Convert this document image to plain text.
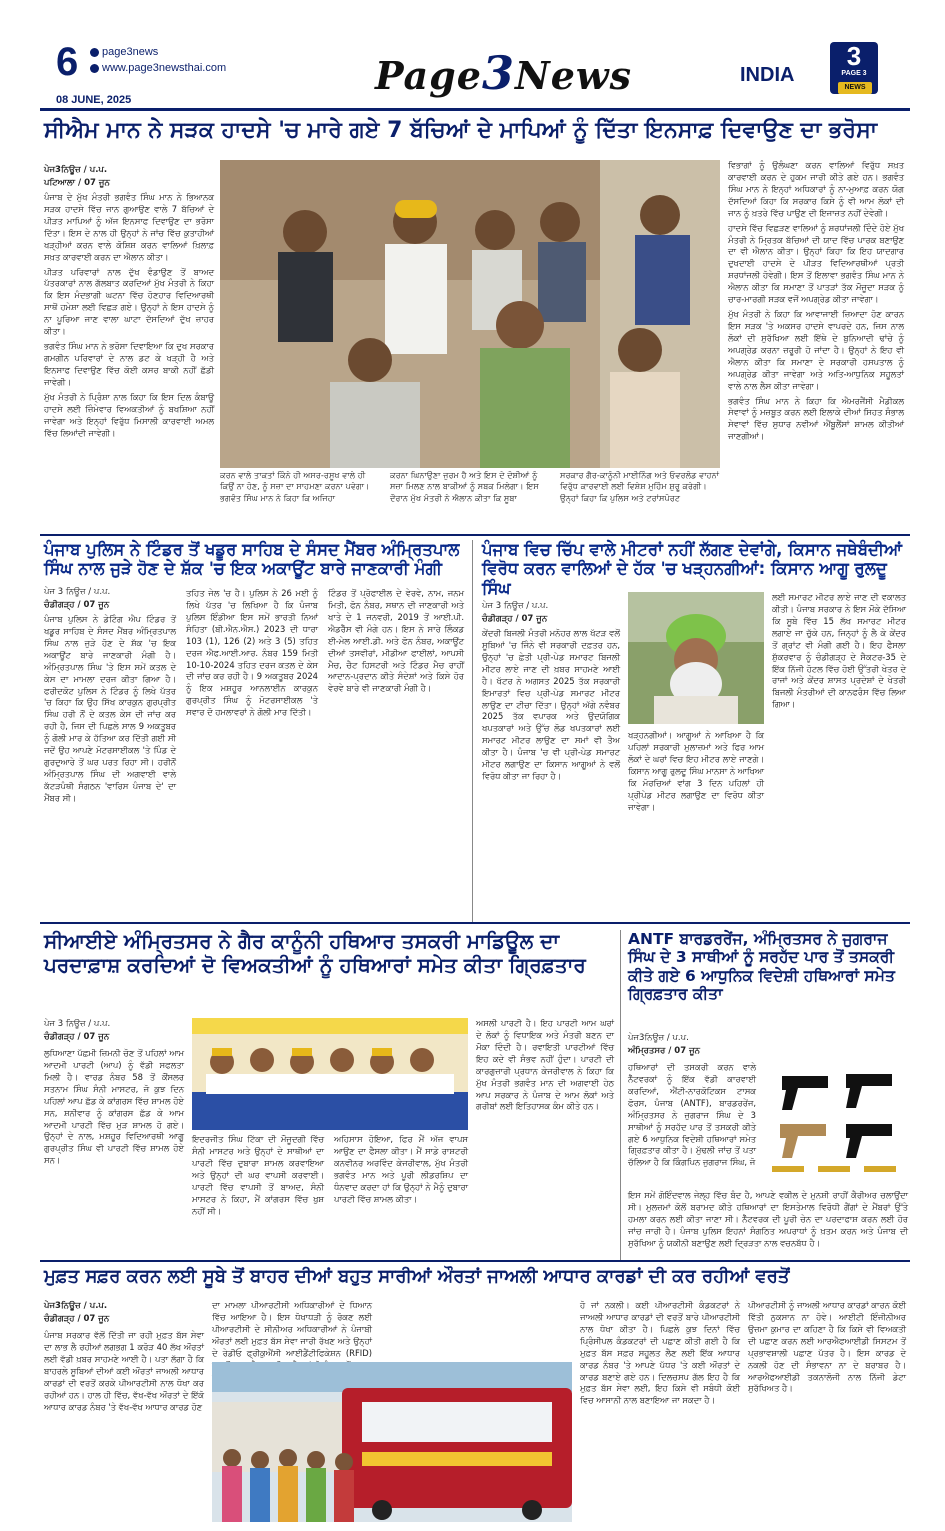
6	page3news
www.page3newsthai.com
08 JUNE, 2025
Page3News	INDIA
3
PAGE 3
NEWS
ਸੀਐਮ ਮਾਨ ਨੇ ਸੜਕ ਹਾਦਸੇ 'ਚ ਮਾਰੇ ਗਏ 7 ਬੱਚਿਆਂ ਦੇ ਮਾਪਿਆਂ ਨੂੰ ਦਿੱਤਾ ਇਨਸਾਫ਼ ਦਿਵਾਉਣ ਦਾ ਭਰੋਸਾ
ਪੇਜ3ਨਿਊਜ਼ / ਪ.ਪ.
ਪਟਿਆਲਾ / 07 ਜੂਨ

ਪੰਜਾਬ ਦੇ ਮੁੱਖ ਮੰਤਰੀ ਭਗਵੰਤ ਸਿੰਘ ਮਾਨ ਨੇ ਭਿਆਨਕ ਸੜਕ ਹਾਦਸੇ ਵਿੱਚ ਜਾਨ ਗੁਆਉਣ ਵਾਲੇ 7 ਬੱਚਿਆਂ ਦੇ ਪੀੜਤ ਮਾਪਿਆਂ ਨੂੰ ਅੱਜ ਇਨਸਾਫ ਦਿਵਾਉਣ ਦਾ ਭਰੋਸਾ ਦਿੱਤਾ। ਇਸ ਦੇ ਨਾਲ ਹੀ ਉਨ੍ਹਾਂ ਨੇ ਜਾਂਚ ਵਿੱਚ ਕੁਤਾਹੀਆਂ ਖੜ੍ਹੀਆਂ ਕਰਨ ਵਾਲੇ ਕੋਸ਼ਿਸ਼ ਕਰਨ ਵਾਲਿਆਂ ਖ਼ਿਲਾਫ਼ ਸਖ਼ਤ ਕਾਰਵਾਈ ਕਰਨ ਦਾ ਐਲਾਨ ਕੀਤਾ।

ਪੀੜਤ ਪਰਿਵਾਰਾਂ ਨਾਲ ਦੁੱਖ ਵੰਡਾਉਣ ਤੋਂ ਬਾਅਦ ਪੱਤਰਕਾਰਾਂ ਨਾਲ ਗੱਲਬਾਤ ਕਰਦਿਆਂ ਮੁੱਖ ਮੰਤਰੀ ਨੇ ਕਿਹਾ ਕਿ ਇਸ ਮੰਦਭਾਗੀ ਘਟਨਾ ਵਿੱਚ ਹੋਣਹਾਰ ਵਿਦਿਆਰਥੀ ਸਾਥੋਂ ਹਮੇਸ਼ਾ ਲਈ ਵਿਛੜ ਗਏ। ਉਨ੍ਹਾਂ ਨੇ ਇਸ ਹਾਦਸੇ ਨੂੰ ਨਾ ਪੂਰਿਆ ਜਾਣ ਵਾਲਾ ਘਾਟਾ ਦੱਸਦਿਆਂ ਦੁੱਖ ਜ਼ਾਹਰ ਕੀਤਾ।

ਭਗਵੰਤ ਸਿੰਘ ਮਾਨ ਨੇ ਭਰੋਸਾ ਦਿਵਾਇਆ ਕਿ ਦੁਖ ਸਰਕਾਰ ਗਮਗੀਨ ਪਰਿਵਾਰਾਂ ਦੇ ਨਾਲ ਡਟ ਕੇ ਖੜ੍ਹੀ ਹੈ ਅਤੇ ਇਨਸਾਫ ਦਿਵਾਉਣ ਵਿੱਚ ਕੋਈ ਕਸਰ ਬਾਕੀ ਨਹੀਂ ਛੱਡੀ ਜਾਵੇਗੀ।

ਮੁੱਖ ਮੰਤਰੀ ਨੇ ਪ੍ਰਿੰਸ਼ਾ ਨਾਲ ਕਿਹਾ ਕਿ ਇਸ ਦਿਲ ਕੰਬਾਊ ਹਾਦਸੇ ਲਈ ਜ਼ਿੰਮੇਵਾਰ ਵਿਅਕਤੀਆਂ ਨੂੰ ਬਖਸ਼ਿਆ ਨਹੀਂ ਜਾਵੇਗਾ ਅਤੇ ਇਨ੍ਹਾਂ ਵਿਰੁੱਧ ਮਿਸਾਲੀ ਕਾਰਵਾਈ ਅਮਲ ਵਿੱਚ ਲਿਆਂਦੀ ਜਾਵੇਗੀ।

ਕਰਨ ਵਾਲੇ ਤਾਕਤਾਂ ਕਿੰਨੇ ਹੀ ਅਸਰ-ਰਸੂਖ ਵਾਲੇ ਹੀ ਕਿਉਂ ਨਾ ਹੋਣ, ਨੂੰ ਸਜ਼ਾ ਦਾ ਸਾਹਮਣਾ ਕਰਨਾ ਪਵੇਗਾ। ਭਗਵੰਤ ਸਿੰਘ ਮਾਨ ਨੇ ਕਿਹਾ ਕਿ ਅਜਿਹਾ
ਕਰਨਾ ਘਿਨਾਉਣਾ ਜੁਰਮ ਹੈ ਅਤੇ ਇਸ ਦੇ ਦੋਸ਼ੀਆਂ ਨੂੰ ਸਜ਼ਾ ਮਿਲਣ ਨਾਲ ਬਾਕੀਆਂ ਨੂੰ ਸਬਕ ਮਿਲੇਗਾ। ਇਸ ਦੌਰਾਨ ਮੁੱਖ ਮੰਤਰੀ ਨੇ ਐਲਾਨ ਕੀਤਾ ਕਿ ਸੂਬਾ
ਸਰਕਾਰ ਗੈਰ-ਕਾਨੂੰਨੀ ਮਾਈਨਿੰਗ ਅਤੇ ਓਵਰਲੋਡ ਵਾਹਨਾਂ ਵਿਰੁੱਧ ਕਾਰਵਾਈ ਲਈ ਵਿਸ਼ੇਸ਼ ਮੁਹਿੰਮ ਸ਼ੁਰੂ ਕਰੇਗੀ। ਉਨ੍ਹਾਂ ਕਿਹਾ ਕਿ ਪੁਲਿਸ ਅਤੇ ਟਰਾਂਸਪੋਰਟ

ਵਿਭਾਗਾਂ ਨੂੰ ਉਲੰਘਣਾ ਕਰਨ ਵਾਲਿਆਂ ਵਿਰੁੱਧ ਸਖ਼ਤ ਕਾਰਵਾਈ ਕਰਨ ਦੇ ਹੁਕਮ ਜਾਰੀ ਕੀਤੇ ਗਏ ਹਨ। ਭਗਵੰਤ ਸਿੰਘ ਮਾਨ ਨੇ ਇਨ੍ਹਾਂ ਅਧਿਕਾਰਾਂ ਨੂੰ ਨਾ-ਮੁਆਫ਼ ਕਰਨ ਯੋਗ ਦੱਸਦਿਆਂ ਕਿਹਾ ਕਿ ਸਰਕਾਰ ਕਿਸੇ ਨੂੰ ਵੀ ਆਮ ਲੋਕਾਂ ਦੀ ਜਾਨ ਨੂੰ ਖ਼ਤਰੇ ਵਿੱਚ ਪਾਉਣ ਦੀ ਇਜਾਜ਼ਤ ਨਹੀਂ ਦੇਵੇਗੀ।

ਹਾਦਸੇ ਵਿੱਚ ਵਿਛੜਣ ਵਾਲਿਆਂ ਨੂੰ ਸ਼ਰਧਾਂਜਲੀ ਦਿੰਦੇ ਹੋਏ ਮੁੱਖ ਮੰਤਰੀ ਨੇ ਮ੍ਰਿਤਕ ਬੱਚਿਆਂ ਦੀ ਯਾਦ ਵਿੱਚ ਪਾਰਕ ਬਣਾਉਣ ਦਾ ਵੀ ਐਲਾਨ ਕੀਤਾ। ਉਨ੍ਹਾਂ ਕਿਹਾ ਕਿ ਇਹ ਯਾਦਗਾਰ ਦੁਖਦਾਈ ਹਾਦਸੇ ਦੇ ਪੀੜਤ ਵਿਦਿਆਰਥੀਆਂ ਪ੍ਰਤੀ ਸ਼ਰਧਾਂਜਲੀ ਹੋਵੇਗੀ। ਇਸ ਤੋਂ ਇਲਾਵਾ ਭਗਵੰਤ ਸਿੰਘ ਮਾਨ ਨੇ ਐਲਾਨ ਕੀਤਾ ਕਿ ਸਮਾਣਾ ਤੋਂ ਪਾਤੜਾਂ ਤੱਕ ਮੌਜੂਦਾ ਸੜਕ ਨੂੰ ਚਾਰ-ਮਾਰਗੀ ਸੜਕ ਵਜੋਂ ਅਪਗ੍ਰੇਡ ਕੀਤਾ ਜਾਵੇਗਾ।

ਮੁੱਖ ਮੰਤਰੀ ਨੇ ਕਿਹਾ ਕਿ ਆਵਾਜਾਈ ਜ਼ਿਆਦਾ ਹੋਣ ਕਾਰਨ ਇਸ ਸੜਕ 'ਤੇ ਅਕਸਰ ਹਾਦਸੇ ਵਾਪਰਦੇ ਹਨ, ਜਿਸ ਨਾਲ ਲੋਕਾਂ ਦੀ ਸੁਰੱਖਿਆ ਲਈ ਇੱਥੇ ਦੇ ਬੁਨਿਆਦੀ ਢਾਂਚੇ ਨੂੰ ਅਪਗ੍ਰੇਡ ਕਰਨਾ ਜ਼ਰੂਰੀ ਹੋ ਜਾਂਦਾ ਹੈ। ਉਨ੍ਹਾਂ ਨੇ ਇਹ ਵੀ ਐਲਾਨ ਕੀਤਾ ਕਿ ਸਮਾਣਾ ਦੇ ਸਰਕਾਰੀ ਹਸਪਤਾਲ ਨੂੰ ਅਪਗ੍ਰੇਡ ਕੀਤਾ ਜਾਵੇਗਾ ਅਤੇ ਅਤਿ-ਆਧੁਨਿਕ ਸਹੂਲਤਾਂ ਵਾਲੇ ਨਾਲ ਲੈਸ ਕੀਤਾ ਜਾਵੇਗਾ।

ਭਗਵੰਤ ਸਿੰਘ ਮਾਨ ਨੇ ਕਿਹਾ ਕਿ ਐਮਰਜੈਂਸੀ ਮੈਡੀਕਲ ਸੇਵਾਵਾਂ ਨੂੰ ਮਜ਼ਬੂਤ ਕਰਨ ਲਈ ਇਲਾਕੇ ਦੀਆਂ ਸਿਹਤ ਸੰਭਾਲ ਸੇਵਾਵਾਂ ਵਿੱਚ ਸੁਧਾਰ ਨਵੀਆਂ ਐਂਬੂਲੈਂਸਾਂ ਸ਼ਾਮਲ ਕੀਤੀਆਂ ਜਾਣਗੀਆਂ।

ਪੰਜਾਬ ਪੁਲਿਸ ਨੇ ਟਿੰਡਰ ਤੋਂ ਖਡੂਰ ਸਾਹਿਬ ਦੇ ਸੰਸਦ ਮੈਂਬਰ ਅੰਮ੍ਰਿਤਪਾਲ ਸਿੰਘ ਨਾਲ ਜੁੜੇ ਹੋਣ ਦੇ ਸ਼ੱਕ 'ਚ ਇਕ ਅਕਾਊਂਟ ਬਾਰੇ ਜਾਣਕਾਰੀ ਮੰਗੀ
ਪੇਜ 3 ਨਿਊਜ਼ / ਪ.ਪ.
ਚੰਡੀਗੜ੍ਹ / 07 ਜੂਨ
ਪੰਜਾਬ ਪੁਲਿਸ ਨੇ ਡੇਟਿੰਗ ਐਪ ਟਿੰਡਰ ਤੋਂ ਖਡੂਰ ਸਾਹਿਬ ਦੇ ਸੰਸਦ ਮੈਂਬਰ ਅੰਮ੍ਰਿਤਪਾਲ ਸਿੰਘ ਨਾਲ ਜੁੜੇ ਹੋਣ ਦੇ ਸ਼ੱਕ 'ਚ ਇਕ ਅਕਾਊਂਟ ਬਾਰੇ ਜਾਣਕਾਰੀ ਮੰਗੀ ਹੈ। ਅੰਮ੍ਰਿਤਪਾਲ ਸਿੰਘ 'ਤੇ ਇਸ ਸਮੇਂ ਕਤਲ ਦੇ ਕੇਸ ਦਾ ਮਾਮਲਾ ਦਰਜ ਕੀਤਾ ਗਿਆ ਹੈ। ਫਰੀਦਕੋਟ ਪੁਲਿਸ ਨੇ ਟਿੰਡਰ ਨੂੰ ਲਿਖੇ ਪੱਤਰ 'ਚ ਕਿਹਾ ਕਿ ਉਹ ਸਿੱਖ ਕਾਰਕੁਨ ਗੁਰਪ੍ਰੀਤ ਸਿੰਘ ਹਰੀ ਨੌਂ ਦੇ ਕਤਲ ਕੇਸ ਦੀ ਜਾਂਚ ਕਰ ਰਹੀ ਹੈ, ਜਿਸ ਦੀ ਪਿਛਲੇ ਸਾਲ 9 ਅਕਤੂਬਰ ਨੂੰ ਗੋਲੀ ਮਾਰ ਕੇ ਹੱਤਿਆ ਕਰ ਦਿੱਤੀ ਗਈ ਸੀ ਜਦੋਂ ਉਹ ਆਪਣੇ ਮੋਟਰਸਾਈਕਲ 'ਤੇ ਪਿੰਡ ਦੇ ਗੁਰਦੁਆਰੇ ਤੋਂ ਘਰ ਪਰਤ ਰਿਹਾ ਸੀ। ਹਰੀਨੌਂ ਅੰਮ੍ਰਿਤਪਾਲ ਸਿੰਘ ਦੀ ਅਗਵਾਈ ਵਾਲੇ ਕੱਟੜਪੰਥੀ ਸੰਗਠਨ 'ਵਾਰਿਸ ਪੰਜਾਬ ਦੇ' ਦਾ ਮੈਂਬਰ ਸੀ।
ਤਹਿਤ ਜੇਲ 'ਚ ਹੈ। ਪੁਲਿਸ ਨੇ 26 ਮਈ ਨੂੰ ਲਿਖੇ ਪੱਤਰ 'ਚ ਲਿਖਿਆ ਹੈ ਕਿ ਪੰਜਾਬ ਪੁਲਿਸ ਇੰਡੀਆ ਇਸ ਸਮੇਂ ਭਾਰਤੀ ਨਿਆਂ ਸੰਹਿਤਾ (ਬੀ.ਐਨ.ਐਸ.) 2023 ਦੀ ਧਾਰਾ 103 (1), 126 (2) ਅਤੇ 3 (5) ਤਹਿਤ ਦਰਜ ਐਫ.ਆਈ.ਆਰ. ਨੰਬਰ 159 ਮਿਤੀ 10-10-2024 ਤਹਿਤ ਦਰਜ ਕਤਲ ਦੇ ਕੇਸ ਦੀ ਜਾਂਚ ਕਰ ਰਹੀ ਹੈ। 9 ਅਕਤੂਬਰ 2024 ਨੂੰ ਇਕ ਮਸ਼ਹੂਰ ਆਨਲਾਈਨ ਕਾਰਕੁਨ ਗੁਰਪ੍ਰੀਤ ਸਿੰਘ ਨੂੰ ਮੋਟਰਸਾਈਕਲ 'ਤੇ ਸਵਾਰ ਦੋ ਹਮਲਾਵਰਾਂ ਨੇ ਗੋਲੀ ਮਾਰ ਦਿੱਤੀ।
ਟਿੰਡਰ ਤੋਂ ਪ੍ਰੋਫਾਈਲ ਦੇ ਵੇਰਵੇ, ਨਾਮ, ਜਨਮ ਮਿਤੀ, ਫੋਨ ਨੰਬਰ, ਸਥਾਨ ਦੀ ਜਾਣਕਾਰੀ ਅਤੇ ਖਾਤੇ ਦੇ 1 ਜਨਵਰੀ, 2019 ਤੋਂ ਆਈ.ਪੀ. ਐਡਰੈੱਸ ਵੀ ਮੰਗੇ ਹਨ। ਇਸ ਨੇ ਸਾਰੇ ਲਿੰਕਡ ਈ-ਮੇਲ ਆਈ.ਡੀ. ਅਤੇ ਫੋਨ ਨੰਬਰ, ਅਕਾਊਂਟ ਦੀਆਂ ਤਸਵੀਰਾਂ, ਮੀਡੀਆ ਫਾਈਲਾਂ, ਆਪਸੀ ਮੈਚ, ਚੈਟ ਹਿਸਟਰੀ ਅਤੇ ਟਿੰਡਰ ਮੈਚ ਰਾਹੀਂ ਆਦਾਨ-ਪ੍ਰਦਾਨ ਕੀਤੇ ਸੰਦੇਸ਼ਾਂ ਅਤੇ ਕਿਸੇ ਹੋਰ ਵੇਰਵੇ ਬਾਰੇ ਵੀ ਜਾਣਕਾਰੀ ਮੰਗੀ ਹੈ।
ਪੰਜਾਬ ਵਿਚ ਚਿੱਪ ਵਾਲੇ ਮੀਟਰਾਂ ਨਹੀਂ ਲੱਗਣ ਦੇਵਾਂਗੇ, ਕਿਸਾਨ ਜਥੇਬੰਦੀਆਂ ਵਿਰੋਧ ਕਰਨ ਵਾਲਿਆਂ ਦੇ ਹੱਕ 'ਚ ਖੜ੍ਹਨਗੀਆਂ: ਕਿਸਾਨ ਆਗੂ ਰੁਲਦੂ ਸਿੰਘ
ਪੇਜ 3 ਨਿਊਜ਼ / ਪ.ਪ.
ਚੰਡੀਗੜ੍ਹ / 07 ਜੂਨ
ਕੇਂਦਰੀ ਬਿਜਲੀ ਮੰਤਰੀ ਮਨੋਹਰ ਲਾਲ ਖੱਟੜ ਵਲੋਂ ਸੂਬਿਆਂ 'ਚ ਜਿੰਨੇ ਵੀ ਸਰਕਾਰੀ ਦਫ਼ਤਰ ਹਨ, ਉਨ੍ਹਾਂ 'ਚ ਛੇਤੀ ਪ੍ਰੀ-ਪੇਡ ਸਮਾਰਟ ਬਿਜਲੀ ਮੀਟਰ ਲਾਏ ਜਾਣ ਦੀ ਖ਼ਬਰ ਸਾਹਮਣੇ ਆਈ ਹੈ। ਖੱਟਰ ਨੇ ਅਗਸਤ 2025 ਤੱਕ ਸਰਕਾਰੀ ਇਮਾਰਤਾਂ ਵਿਚ ਪ੍ਰੀ-ਪੇਡ ਸਮਾਰਟ ਮੀਟਰ ਲਾਉਣ ਦਾ ਟੀਚਾ ਦਿੱਤਾ। ਉਨ੍ਹਾਂ ਅੱਗੇ ਨਵੰਬਰ 2025 ਤੱਕ ਵਪਾਰਕ ਅਤੇ ਉਦਯੋਗਿਕ ਖਪਤਕਾਰਾਂ ਅਤੇ ਉੱਚ ਲੋਡ ਖਪਤਕਾਰਾਂ ਲਈ ਸਮਾਰਟ ਮੀਟਰ ਲਾਉਣ ਦਾ ਸਮਾਂ ਵੀ ਤੈਅ ਕੀਤਾ ਹੈ। ਪੰਜਾਬ 'ਚ ਵੀ ਪ੍ਰੀ-ਪੇਡ ਸਮਾਰਟ ਮੀਟਰ ਲਗਾਉਣ ਦਾ ਕਿਸਾਨ ਆਗੂਆਂ ਨੇ ਵਲੋਂ ਵਿਰੋਧ ਕੀਤਾ ਜਾ ਰਿਹਾ ਹੈ।
ਖੜ੍ਹਨਗੀਆਂ। ਆਗੂਆਂ ਨੇ ਆਖਿਆ ਹੈ ਕਿ ਪਹਿਲਾਂ ਸਰਕਾਰੀ ਮੁਲਾਜ਼ਮਾਂ ਅਤੇ ਫਿਰ ਆਮ ਲੋਕਾਂ ਦੇ ਘਰਾਂ ਵਿਚ ਇਹ ਮੀਟਰ ਲਾਏ ਜਾਣਗੇ। ਕਿਸਾਨ ਆਗੂ ਰੁਲਦੂ ਸਿੰਘ ਮਾਨਸਾ ਨੇ ਆਖਿਆ ਕਿ ਮੋਰਚਿਆਂ ਵਾਂਗ 3 ਦਿਨ ਪਹਿਲਾਂ ਹੀ ਪ੍ਰੀਪੇਡ ਮੀਟਰ ਲਗਾਉਣ ਦਾ ਵਿਰੋਧ ਕੀਤਾ ਜਾਵੇਗਾ।
ਲਈ ਸਮਾਰਟ ਮੀਟਰ ਲਾਏ ਜਾਣ ਦੀ ਵਕਾਲਤ ਕੀਤੀ। ਪੰਜਾਬ ਸਰਕਾਰ ਨੇ ਇਸ ਮੌਕੇ ਦੱਸਿਆ ਕਿ ਸੂਬੇ ਵਿੱਚ 15 ਲੱਖ ਸਮਾਰਟ ਮੀਟਰ ਲਗਾਏ ਜਾ ਚੁੱਕੇ ਹਨ, ਜਿਨ੍ਹਾਂ ਨੂੰ ਲੈ ਕੇ ਕੇਂਦਰ ਤੋਂ ਗ੍ਰਾਂਟ ਵੀ ਮੰਗੀ ਗਈ ਹੈ। ਇਹ ਫੈਸਲਾ ਸ਼ੁੱਕਰਵਾਰ ਨੂੰ ਚੰਡੀਗੜ੍ਹ ਦੇ ਸੈਕਟਰ-35 ਦੇ ਇੱਕ ਨਿੱਜੀ ਹੋਟਲ ਵਿੱਚ ਹੋਈ ਉੱਤਰੀ ਖੇਤਰ ਦੇ ਰਾਜਾਂ ਅਤੇ ਕੇਂਦਰ ਸ਼ਾਸਤ ਪ੍ਰਦੇਸ਼ਾਂ ਦੇ ਖੇਤਰੀ ਬਿਜਲੀ ਮੰਤਰੀਆਂ ਦੀ ਕਾਨਫਰੰਸ ਵਿੱਚ ਲਿਆ ਗਿਆ।
ਸੀਆਈਏ ਅੰਮ੍ਰਿਤਸਰ ਨੇ ਗੈਰ ਕਾਨੂੰਨੀ ਹਥਿਆਰ ਤਸਕਰੀ ਮਾਡਿਊਲ ਦਾ ਪਰਦਾਫ਼ਾਸ਼ ਕਰਦਿਆਂ ਦੋ ਵਿਅਕਤੀਆਂ ਨੂੰ ਹਥਿਆਰਾਂ ਸਮੇਤ ਕੀਤਾ ਗ੍ਰਿਫ਼ਤਾਰ
ਪੇਜ 3 ਨਿਊਜ਼ / ਪ.ਪ.
ਚੰਡੀਗੜ੍ਹ / 07 ਜੂਨ
ਲੁਧਿਆਣਾ ਪੱਛਮੀ ਜ਼ਿਮਨੀ ਚੋਣ ਤੋਂ ਪਹਿਲਾਂ ਆਮ ਆਦਮੀ ਪਾਰਟੀ (ਆਪ) ਨੂੰ ਵੱਡੀ ਸਫਲਤਾ ਮਿਲੀ ਹੈ। ਵਾਰਡ ਨੰਬਰ 58 ਤੋਂ ਕੌਂਸਲਰ ਸਤਨਾਮ ਸਿੰਘ ਸੰਨੀ ਮਾਸਟਰ, ਜੋ ਕੁਝ ਦਿਨ ਪਹਿਲਾਂ ਆਪ ਛੱਡ ਕੇ ਕਾਂਗਰਸ ਵਿੱਚ ਸ਼ਾਮਲ ਹੋਏ ਸਨ, ਸ਼ਨੀਵਾਰ ਨੂੰ ਕਾਂਗਰਸ ਛੱਡ ਕੇ ਆਮ ਆਦਮੀ ਪਾਰਟੀ ਵਿੱਚ ਮੁੜ ਸ਼ਾਮਲ ਹੋ ਗਏ। ਉਨ੍ਹਾਂ ਦੇ ਨਾਲ, ਮਸ਼ਹੂਰ ਵਿਦਿਆਰਥੀ ਆਗੂ ਗੁਰਪ੍ਰੀਤ ਸਿੰਘ ਵੀ ਪਾਰਟੀ ਵਿੱਚ ਸ਼ਾਮਲ ਹੋਏ ਸਨ।
ਇਦਰਜੀਤ ਸਿੰਘ ਟਿੱਕਾ ਦੀ ਮੌਜੂਦਗੀ ਵਿੱਚ ਸੰਨੀ ਮਾਸਟਰ ਅਤੇ ਉਨ੍ਹਾਂ ਦੇ ਸਾਥੀਆਂ ਦਾ ਪਾਰਟੀ ਵਿੱਚ ਦੁਬਾਰਾ ਸ਼ਾਮਲ ਕਰਵਾਇਆ ਅਤੇ ਉਨ੍ਹਾਂ ਦੀ ਘਰ ਵਾਪਸੀ ਕਰਵਾਈ। ਪਾਰਟੀ ਵਿੱਚ ਵਾਪਸੀ ਤੋਂ ਬਾਅਦ, ਸੰਨੀ ਮਾਸਟਰ ਨੇ ਕਿਹਾ, ਮੈਂ ਕਾਂਗਰਸ ਵਿੱਚ ਖੁਸ਼ ਨਹੀਂ ਸੀ।
ਅਹਿਸਾਸ ਹੋਇਆ, ਫਿਰ ਮੈਂ ਅੱਜ ਵਾਪਸ ਆਉਣ ਦਾ ਫੈਸਲਾ ਕੀਤਾ। ਮੈਂ ਸਾਡੇ ਰਾਸ਼ਟਰੀ ਕਨਵੀਨਰ ਅਰਵਿੰਦ ਕੇਜਰੀਵਾਲ, ਮੁੱਖ ਮੰਤਰੀ ਭਗਵੰਤ ਮਾਨ ਅਤੇ ਪੂਰੀ ਲੀਡਰਸ਼ਿਪ ਦਾ ਧੰਨਵਾਦ ਕਰਦਾ ਹਾਂ ਕਿ ਉਨ੍ਹਾਂ ਨੇ ਮੈਨੂੰ ਦੁਬਾਰਾ ਪਾਰਟੀ ਵਿੱਚ ਸ਼ਾਮਲ ਕੀਤਾ।
ਅਸਲੀ ਪਾਰਟੀ ਹੈ। ਇਹ ਪਾਰਟੀ ਆਮ ਘਰਾਂ ਦੇ ਲੋਕਾਂ ਨੂੰ ਵਿਧਾਇਕ ਅਤੇ ਮੰਤਰੀ ਬਣਨ ਦਾ ਮੌਕਾ ਦਿੰਦੀ ਹੈ। ਰਵਾਇਤੀ ਪਾਰਟੀਆਂ ਵਿੱਚ ਇਹ ਕਦੇ ਵੀ ਸੰਭਵ ਨਹੀਂ ਹੁੰਦਾ। ਪਾਰਟੀ ਦੀ ਕਾਰਗੁਜ਼ਾਰੀ ਪ੍ਰਧਾਨ ਕੇਜਰੀਵਾਲ ਨੇ ਕਿਹਾ ਕਿ ਮੁੱਖ ਮੰਤਰੀ ਭਗਵੰਤ ਮਾਨ ਦੀ ਅਗਵਾਈ ਹੇਠ ਆਪ ਸਰਕਾਰ ਨੇ ਪੰਜਾਬ ਦੇ ਆਮ ਲੋਕਾਂ ਅਤੇ ਗਰੀਬਾਂ ਲਈ ਇਤਿਹਾਸਕ ਕੰਮ ਕੀਤੇ ਹਨ।
ANTF ਬਾਰਡਰਰੇਂਜ, ਅੰਮ੍ਰਿਤਸਰ ਨੇ ਜੁਗਰਾਜ ਸਿੰਘ ਦੇ 3 ਸਾਥੀਆਂ ਨੂੰ ਸਰਹੱਦ ਪਾਰ ਤੋਂ ਤਸਕਰੀ ਕੀਤੇ ਗਏ 6 ਆਧੁਨਿਕ ਵਿਦੇਸ਼ੀ ਹਥਿਆਰਾਂ ਸਮੇਤ ਗ੍ਰਿਫ਼ਤਾਰ ਕੀਤਾ
ਪੇਜ3ਨਿਊਜ਼ / ਪ.ਪ.
ਅੰਮ੍ਰਿਤਸਰ / 07 ਜੂਨ
ਹਥਿਆਰਾਂ ਦੀ ਤਸਕਰੀ ਕਰਨ ਵਾਲੇ ਨੈੱਟਵਰਕਾਂ ਨੂੰ ਇੱਕ ਵੱਡੀ ਕਾਰਵਾਈ ਕਰਦਿਆਂ, ਐਂਟੀ-ਨਾਰਕੋਟਿਕਸ ਟਾਸਕ ਫੋਰਸ, ਪੰਜਾਬ (ANTF), ਬਾਰਡਰਰੇਂਜ, ਅੰਮ੍ਰਿਤਸਰ ਨੇ ਜੁਗਰਾਜ ਸਿੰਘ ਦੇ 3 ਸਾਥੀਆਂ ਨੂੰ ਸਰਹੱਦ ਪਾਰ ਤੋਂ ਤਸਕਰੀ ਕੀਤੇ ਗਏ 6 ਆਧੁਨਿਕ ਵਿਦੇਸ਼ੀ ਹਥਿਆਰਾਂ ਸਮੇਤ ਗ੍ਰਿਫ਼ਤਾਰ ਕੀਤਾ ਹੈ। ਮੁੱਢਲੀ ਜਾਂਚ ਤੋਂ ਪਤਾ ਚੱਲਿਆ ਹੈ ਕਿ ਕਿੰਗਪਿਨ ਜੁਗਰਾਜ ਸਿੰਘ, ਜੋ
ਇਸ ਸਮੇਂ ਗੋਇੰਦਵਾਲ ਜੇਲ੍ਹ ਵਿੱਚ ਬੰਦ ਹੈ, ਆਪਣੇ ਵਕੀਲ ਦੇ ਮੁਨਸ਼ੀ ਰਾਹੀਂ ਕੈਰੀਅਰ ਚਲਾਉਂਦਾ ਸੀ। ਮੁਲਜ਼ਮਾਂ ਕੋਲੋਂ ਬਰਾਮਦ ਕੀਤੇ ਹਥਿਆਰਾਂ ਦਾ ਇਸਤੇਮਾਲ ਵਿਰੋਧੀ ਗੈਂਗਾਂ ਦੇ ਮੈਂਬਰਾਂ ਉੱਤੇ ਹਮਲਾ ਕਰਨ ਲਈ ਕੀਤਾ ਜਾਣਾ ਸੀ। ਨੈੱਟਵਰਕ ਦੀ ਪੂਰੀ ਚੇਨ ਦਾ ਪਰਦਾਫਾਸ਼ ਕਰਨ ਲਈ ਹੋਰ ਜਾਂਚ ਜਾਰੀ ਹੈ। ਪੰਜਾਬ ਪੁਲਿਸ ਇਹਨਾਂ ਸੰਗਠਿਤ ਅਪਰਾਧਾਂ ਨੂੰ ਖ਼ਤਮ ਕਰਨ ਅਤੇ ਪੰਜਾਬ ਦੀ ਸੁਰੱਖਿਆ ਨੂੰ ਯਕੀਨੀ ਬਣਾਉਣ ਲਈ ਦ੍ਰਿੜਤਾ ਨਾਲ ਵਚਨਬੱਧ ਹੈ।
ਮੁਫ਼ਤ ਸਫ਼ਰ ਕਰਨ ਲਈ ਸੂਬੇ ਤੋਂ ਬਾਹਰ ਦੀਆਂ ਬਹੁਤ ਸਾਰੀਆਂ ਔਰਤਾਂ ਜਾਅਲੀ ਆਧਾਰ ਕਾਰਡਾਂ ਦੀ ਕਰ ਰਹੀਆਂ ਵਰਤੋਂ
ਪੇਜ3ਨਿਊਜ਼ / ਪ.ਪ.
ਚੰਡੀਗੜ੍ਹ / 07 ਜੂਨ
ਪੰਜਾਬ ਸਰਕਾਰ ਵੱਲੋਂ ਦਿੱਤੀ ਜਾ ਰਹੀ ਮੁਫ਼ਤ ਬੱਸ ਸੇਵਾ ਦਾ ਲਾਭ ਲੈ ਰਹੀਆਂ ਲਗਭਗ 1 ਕਰੋੜ 40 ਲੱਖ ਔਰਤਾਂ ਲਈ ਵੱਡੀ ਖ਼ਬਰ ਸਾਹਮਣੇ ਆਈ ਹੈ। ਪਤਾ ਲੱਗਾ ਹੈ ਕਿ ਬਾਹਰਲੇ ਸੂਬਿਆਂ ਦੀਆਂ ਕਈ ਔਰਤਾਂ ਜਾਅਲੀ ਆਧਾਰ ਕਾਰਡਾਂ ਦੀ ਵਰਤੋਂ ਕਰਕੇ ਪੀਆਰਟੀਸੀ ਨਾਲ ਧੋਖਾ ਕਰ ਰਹੀਆਂ ਹਨ। ਹਾਲ ਹੀ ਵਿੱਚ, ਵੱਖ-ਵੱਖ ਔਰਤਾਂ ਦੇ ਇੱਕੋ ਆਧਾਰ ਕਾਰਡ ਨੰਬਰ 'ਤੇ ਵੱਖ-ਵੱਖ ਆਧਾਰ ਕਾਰਡ ਹੋਣ
ਦਾ ਮਾਮਲਾ ਪੀਆਰਟੀਸੀ ਅਧਿਕਾਰੀਆਂ ਦੇ ਧਿਆਨ ਵਿੱਚ ਆਇਆ ਹੈ। ਇਸ ਧੋਖਾਧੜੀ ਨੂੰ ਰੋਕਣ ਲਈ ਪੀਆਰਟੀਸੀ ਦੇ ਸੀਨੀਅਰ ਅਧਿਕਾਰੀਆਂ ਨੇ ਪੰਜਾਬੀ ਔਰਤਾਂ ਲਈ ਮੁਫ਼ਤ ਬੱਸ ਸੇਵਾ ਜਾਰੀ ਰੱਖਣ ਅਤੇ ਉਨ੍ਹਾਂ ਦੇ ਰੇਡੀਓ ਫ੍ਰੀਕੁਐਂਸੀ ਆਈਡੈਂਟੀਫਿਕੇਸ਼ਨ (RFID)
ਹੋ ਜਾਂ ਨਕਲੀ। ਕਈ ਪੀਆਰਟੀਸੀ ਕੰਡਕਟਰਾਂ ਨੇ ਜਾਅਲੀ ਆਧਾਰ ਕਾਰਡਾਂ ਦੀ ਵਰਤੋਂ ਬਾਰੇ ਪੀਆਰਟੀਸੀ ਨਾਲ ਧੋਖਾ ਕੀਤਾ ਹੈ। ਪਿਛਲੇ ਕੁਝ ਦਿਨਾਂ ਵਿੱਚ ਪ੍ਰਿੰਸੀਪਲ ਕੰਡਕਟਰਾਂ ਦੀ ਪਛਾਣ ਕੀਤੀ ਗਈ ਹੈ ਕਿ ਮੁਫ਼ਤ ਬੱਸ ਸਫ਼ਰ ਸਹੂਲਤ ਲੈਣ ਲਈ ਇੱਕ ਆਧਾਰ ਕਾਰਡ ਨੰਬਰ 'ਤੇ ਆਪਣੇ ਪੱਧਰ 'ਤੇ ਕਈ ਔਰਤਾਂ ਦੇ ਕਾਰਡ ਬਣਾਏ ਗਏ ਹਨ। ਦਿਲਚਸਪ ਗੱਲ ਇਹ ਹੈ ਕਿ ਮੁਫ਼ਤ ਬੱਸ ਸੇਵਾ ਲਈ, ਇਹ ਕਿਸੇ ਵੀ ਸਬੰਧੀ ਕੋਈ ਵਿਚ ਆਸਾਨੀ ਨਾਲ ਬਣਾਇਆ ਜਾ ਸਕਦਾ ਹੈ।
ਪੀਆਰਟੀਸੀ ਨੂੰ ਜਾਅਲੀ ਆਧਾਰ ਕਾਰਡਾਂ ਕਾਰਨ ਕੋਈ ਵਿੱਤੀ ਨੁਕਸਾਨ ਨਾ ਹੋਵੇ। ਆਈਟੀ ਇੰਜੀਨੀਅਰ ਉਜ਼ਮਾ ਕੁਮਾਰ ਦਾ ਕਹਿਣਾ ਹੈ ਕਿ ਕਿਸੇ ਵੀ ਵਿਅਕਤੀ ਦੀ ਪਛਾਣ ਕਰਨ ਲਈ ਆਰਐਫਆਈਡੀ ਸਿਸਟਮ ਤੋਂ ਪ੍ਰਭਾਵਸ਼ਾਲੀ ਪਛਾਣ ਪੱਤਰ ਹੈ। ਇਸ ਕਾਰਡ ਦੇ ਨਕਲੀ ਹੋਣ ਦੀ ਸੰਭਾਵਨਾ ਨਾ ਦੇ ਬਰਾਬਰ ਹੈ। ਆਰਐਫਆਈਡੀ ਤਕਨਾਲੋਜੀ ਨਾਲ ਨਿੱਜੀ ਡੇਟਾ ਸੁਰੱਖਿਅਤ ਹੈ।
